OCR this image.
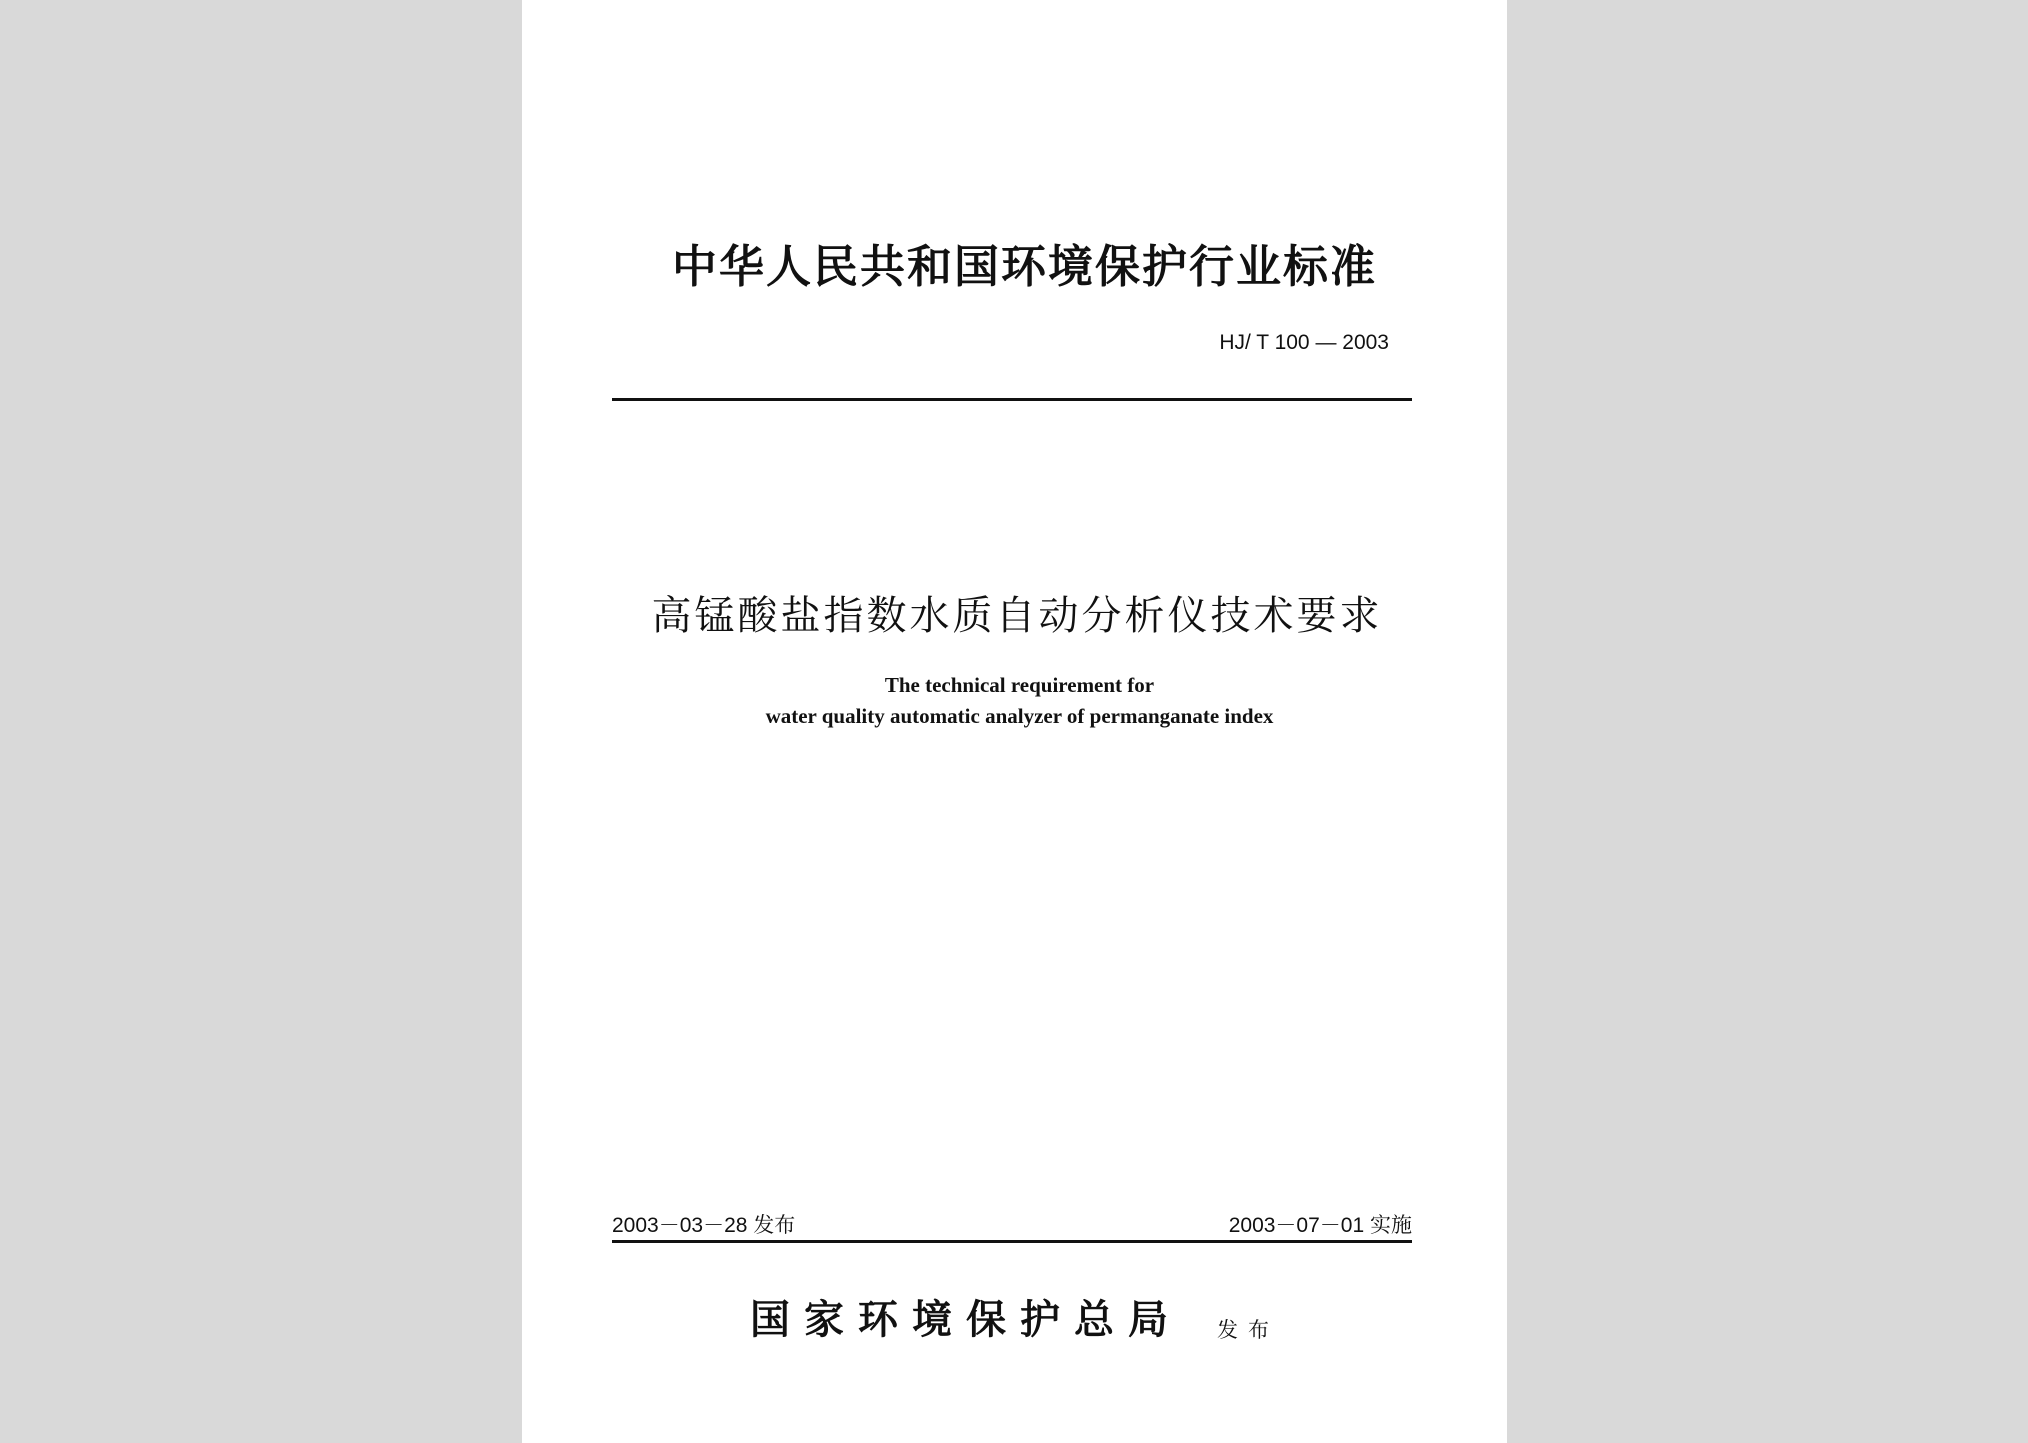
中华人民共和国环境保护行业标准
HJ/ T 100 — 2003
高锰酸盐指数水质自动分析仪技术要求
The technical requirement for
water quality automatic analyzer of permanganate index
2003－03－28 发布	2003－07－01 实施
国家环境保护总局 发布
